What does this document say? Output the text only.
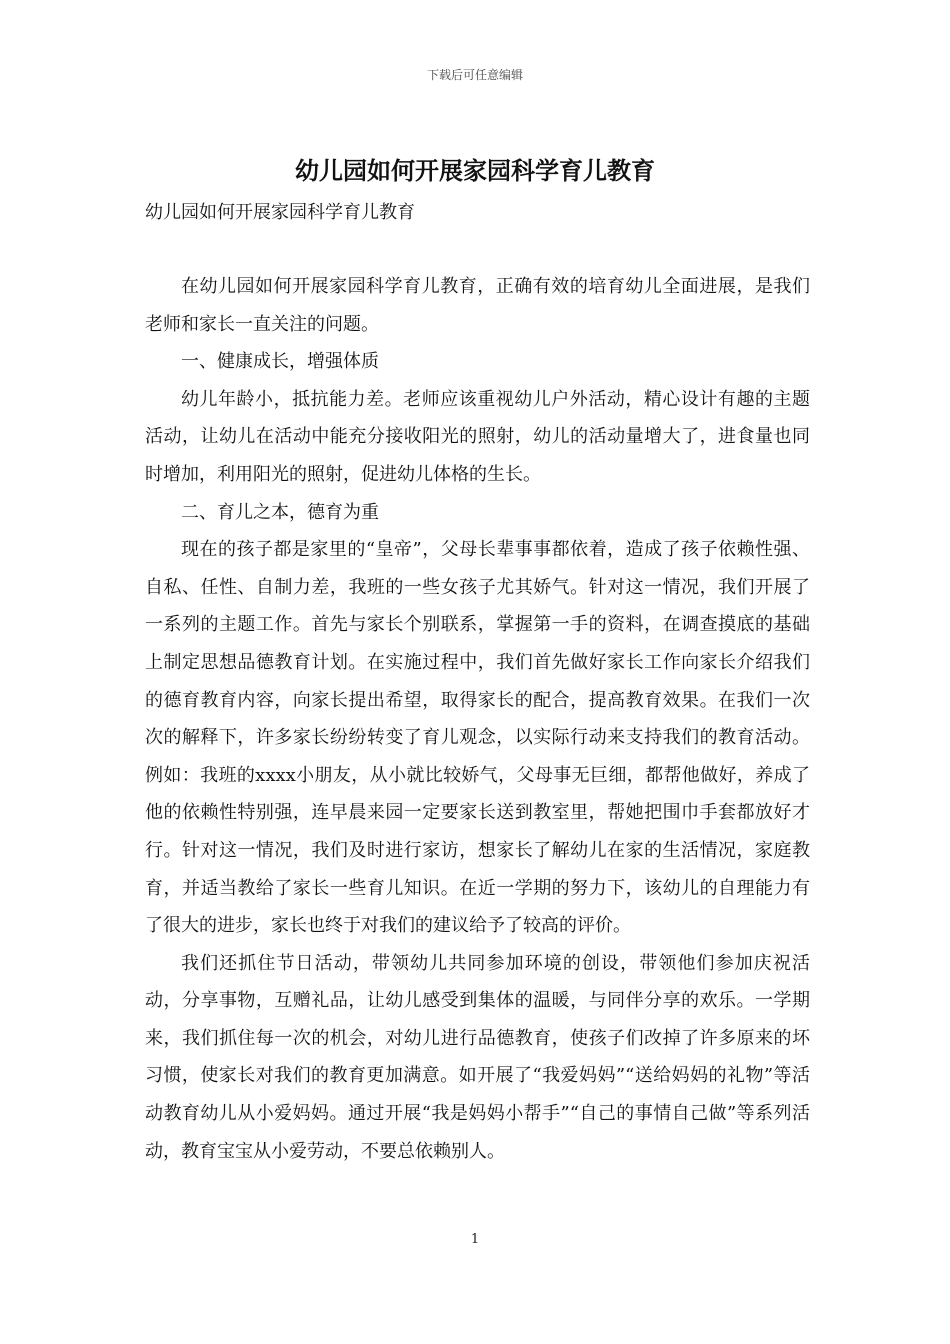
下载后可任意编辑
幼儿园如何开展家园科学育儿教育
幼儿园如何开展家园科学育儿教育

在幼儿园如何开展家园科学育儿教育，正确有效的培育幼儿全面进展，是我们老师和家长一直关注的问题。

一、健康成长，增强体质

幼儿年龄小，抵抗能力差。老师应该重视幼儿户外活动，精心设计有趣的主题活动，让幼儿在活动中能充分接收阳光的照射，幼儿的活动量增大了，进食量也同时增加，利用阳光的照射，促进幼儿体格的生长。

二、育儿之本，德育为重

现在的孩子都是家里的“皇帝”，父母长辈事事都依着，造成了孩子依赖性强、自私、任性、自制力差，我班的一些女孩子尤其娇气。针对这一情况，我们开展了一系列的主题工作。首先与家长个别联系，掌握第一手的资料，在调查摸底的基础上制定思想品德教育计划。在实施过程中，我们首先做好家长工作向家长介绍我们的德育教育内容，向家长提出希望，取得家长的配合，提高教育效果。在我们一次次的解释下，许多家长纷纷转变了育儿观念，以实际行动来支持我们的教育活动。例如：我班的xxxx小朋友，从小就比较娇气，父母事无巨细，都帮他做好，养成了他的依赖性特别强，连早晨来园一定要家长送到教室里，帮她把围巾手套都放好才行。针对这一情况，我们及时进行家访，想家长了解幼儿在家的生活情况，家庭教育，并适当教给了家长一些育儿知识。在近一学期的努力下，该幼儿的自理能力有了很大的进步，家长也终于对我们的建议给予了较高的评价。

我们还抓住节日活动，带领幼儿共同参加环境的创设，带领他们参加庆祝活动，分享事物，互赠礼品，让幼儿感受到集体的温暖，与同伴分享的欢乐。一学期来，我们抓住每一次的机会，对幼儿进行品德教育，使孩子们改掉了许多原来的坏习惯，使家长对我们的教育更加满意。如开展了“我爱妈妈”“送给妈妈的礼物”等活动教育幼儿从小爱妈妈。通过开展“我是妈妈小帮手”“自己的事情自己做”等系列活动，教育宝宝从小爱劳动，不要总依赖别人。

1
